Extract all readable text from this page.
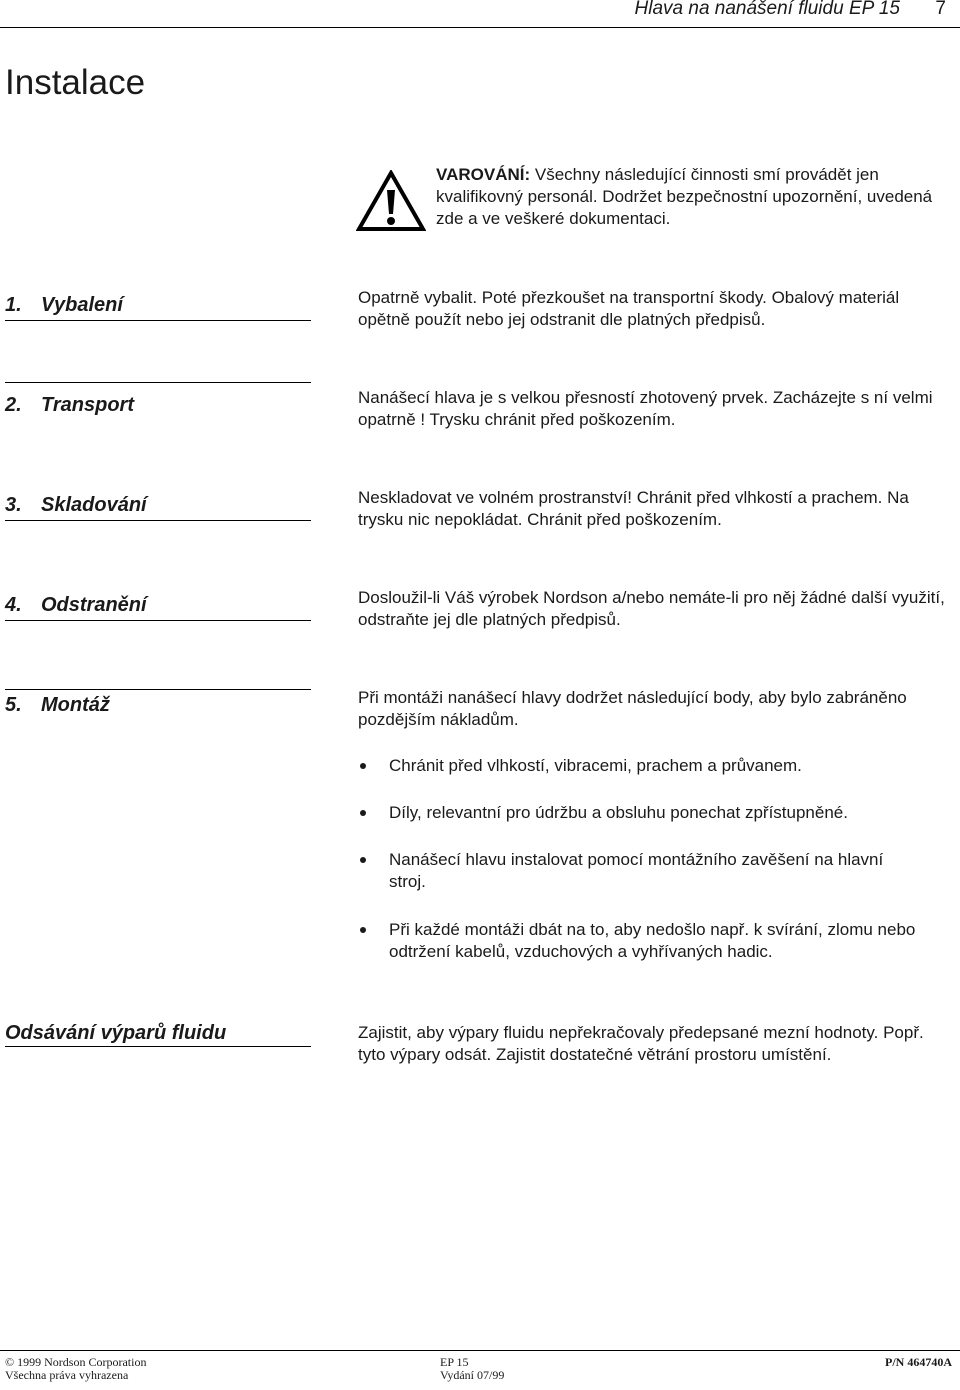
Hlava na nanášení fluidu EP 15 7
Instalace
VAROVÁNÍ: Všechny následující činnosti smí provádět jen kvalifikovný personál. Dodržet bezpečnostní upozornění, uvedená zde a ve veškeré dokumentaci.
1. Vybalení	Opatrně vybalit. Poté přezkoušet na transportní škody. Obalový materiál opětně použít nebo jej odstranit dle platných předpisů.
2. Transport	Nanášecí hlava je s velkou přesností zhotovený prvek. Zacházejte s ní velmi opatrně ! Trysku chránit před poškozením.
3. Skladování	Neskladovat ve volném prostranství! Chránit před vlhkostí a prachem. Na trysku nic nepokládat. Chránit před poškozením.
4. Odstranění	Dosloužil-li Váš výrobek Nordson a/nebo nemáte-li pro něj žádné další využití, odstraňte jej dle platných předpisů.
5. Montáž	Při montáži nanášecí hlavy dodržet následující body, aby bylo zabráněno pozdějším nákladům.
Chránit před vlhkostí, vibracemi, prachem a průvanem.
Díly, relevantní pro údržbu a obsluhu ponechat zpřístupněné.
Nanášecí hlavu instalovat pomocí montážního zavěšení na hlavní stroj.
Při každé montáži dbát na to, aby nedošlo např. k svírání, zlomu nebo odtržení kabelů, vzduchových a vyhřívaných hadic.
Odsávání výparů fluidu	Zajistit, aby výpary fluidu nepřekračovaly předepsané mezní hodnoty. Popř. tyto výpary odsát. Zajistit dostatečné větrání prostoru umístění.
© 1999 Nordson Corporation
Všechna práva vyhrazena
EP 15
Vydání 07/99
P/N 464740A
